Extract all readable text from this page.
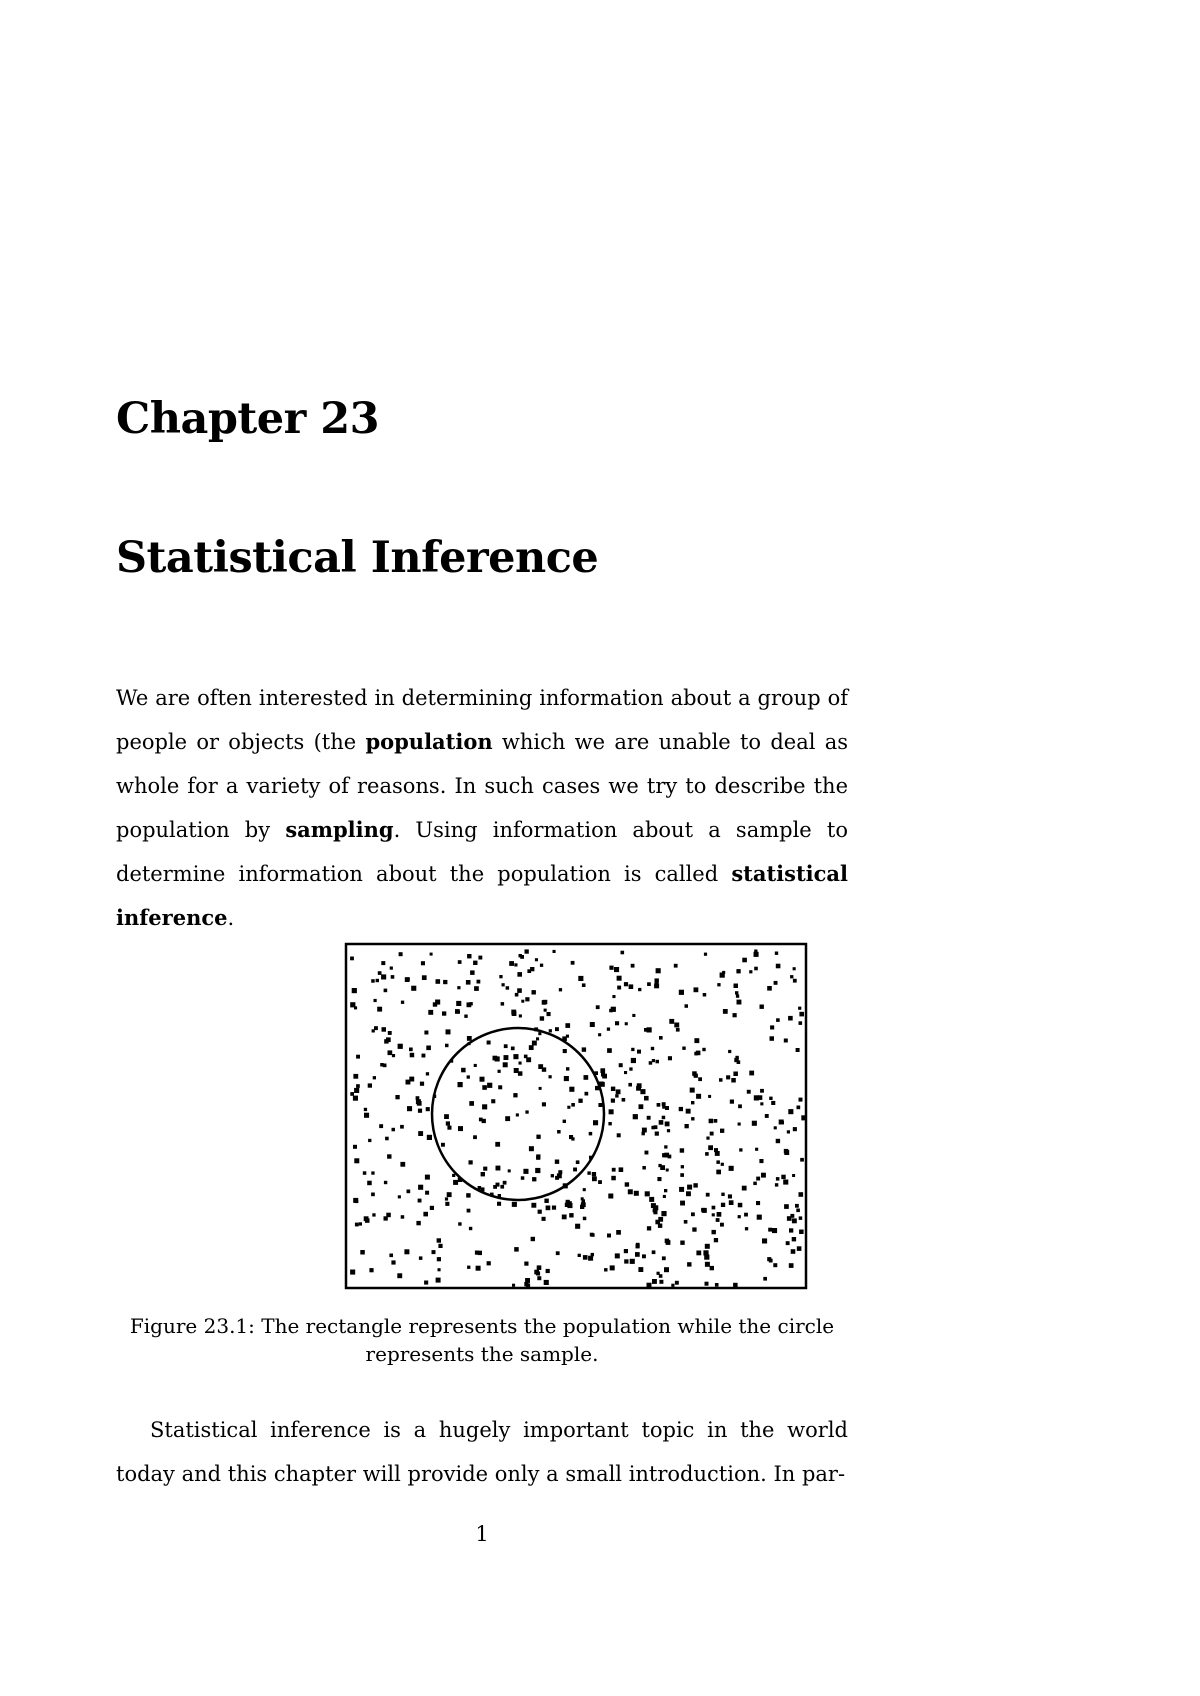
Chapter 23
Statistical Inference

We are often interested in determining information about a group of people or objects (the population which we are unable to deal as whole for a variety of reasons. In such cases we try to describe the population by sampling. Using information about a sample to determine information about the population is called statistical inference.

Figure 23.1: The rectangle represents the population while the circle
represents the sample.

Statistical inference is a hugely important topic in the world today and this chapter will provide only a small introduction. In par-

1
